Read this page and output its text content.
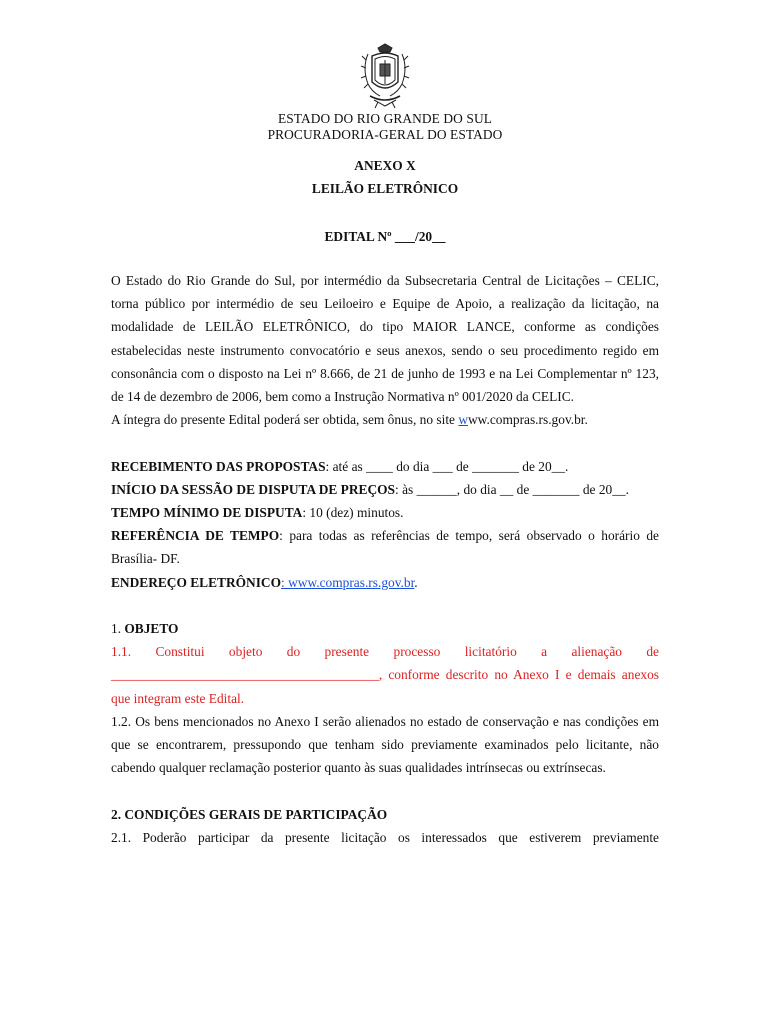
ESTADO DO RIO GRANDE DO SUL
PROCURADORIA-GERAL DO ESTADO
ANEXO X
LEILÃO ELETRÔNICO
EDITAL Nº ___/20__

O Estado do Rio Grande do Sul, por intermédio da Subsecretaria Central de Licitações – CELIC, torna público por intermédio de seu Leiloeiro e Equipe de Apoio, a realização da licitação, na modalidade de LEILÃO ELETRÔNICO, do tipo MAIOR LANCE, conforme as condições estabelecidas neste instrumento convocatório e seus anexos, sendo o seu procedimento regido em consonância com o disposto na Lei nº 8.666, de 21 de junho de 1993 e na Lei Complementar nº 123, de 14 de dezembro de 2006, bem como a Instrução Normativa nº 001/2020 da CELIC.

A íntegra do presente Edital poderá ser obtida, sem ônus, no site www.compras.rs.gov.br.

RECEBIMENTO DAS PROPOSTAS: até as ____ do dia ___ de _______ de 20__.

INÍCIO DA SESSÃO DE DISPUTA DE PREÇOS: às ______, do dia __ de _______ de 20__.

TEMPO MÍNIMO DE DISPUTA: 10 (dez) minutos.

REFERÊNCIA DE TEMPO: para todas as referências de tempo, será observado o horário de Brasília- DF.

ENDEREÇO ELETRÔNICO: www.compras.rs.gov.br.

1. OBJETO

1.1. Constitui objeto do presente processo licitatório a alienação de

________________________________________, conforme descrito no Anexo I e demais anexos que integram este Edital.

1.2. Os bens mencionados no Anexo I serão alienados no estado de conservação e nas condições em que se encontrarem, pressupondo que tenham sido previamente examinados pelo licitante, não cabendo qualquer reclamação posterior quanto às suas qualidades intrínsecas ou extrínsecas.

2. CONDIÇÕES GERAIS DE PARTICIPAÇÃO

2.1. Poderão participar da presente licitação os interessados que estiverem previamente
